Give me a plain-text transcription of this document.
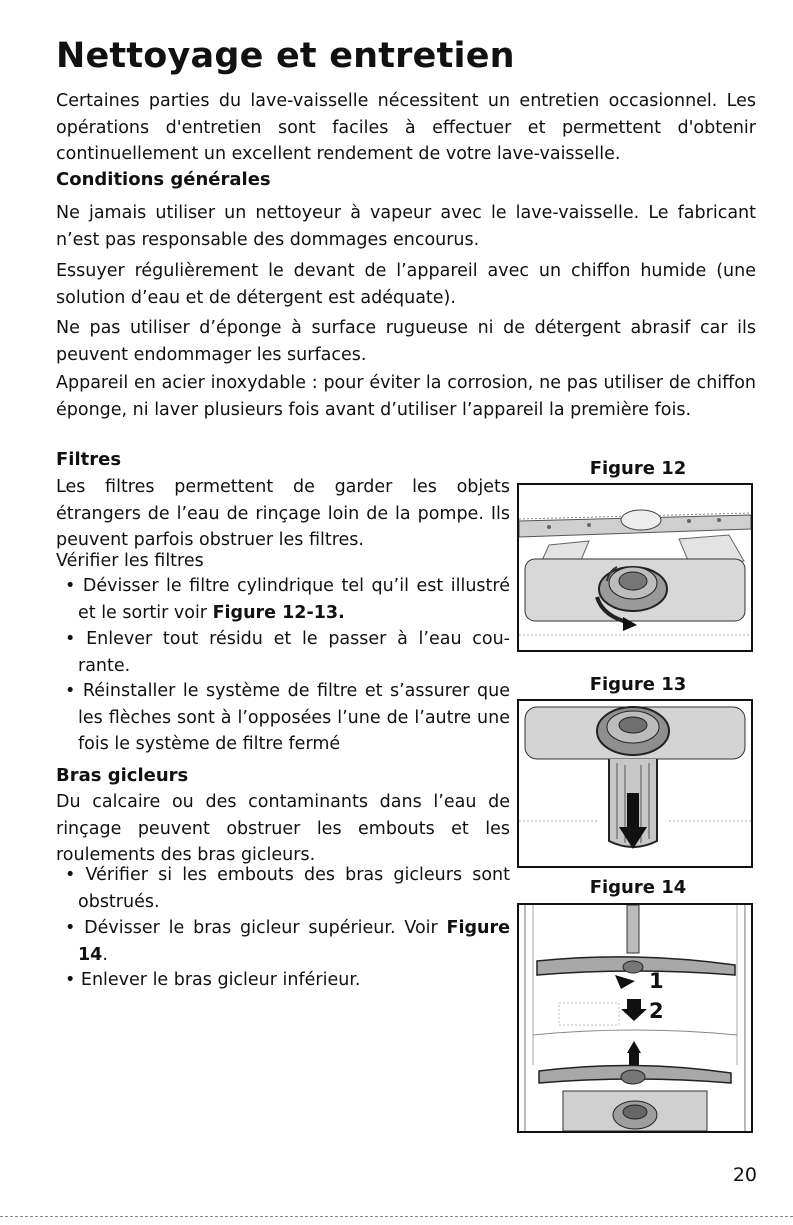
Nettoyage et entretien

Certaines parties du lave-vaisselle nécessitent un entretien occasionnel. Les opérations d'entretien sont faciles à effectuer et permettent d'obtenir continuellement un excellent rendement de votre lave-vaisselle.

Conditions générales

Ne jamais utiliser un nettoyeur à vapeur avec le lave-vaisselle. Le fabricant n’est pas responsable des dommages encourus.

Essuyer régulièrement le devant de l’appareil avec un chiffon humide (une solution d’eau et de détergent est adéquate).

Ne pas utiliser d’éponge à surface rugueuse ni de détergent abrasif car ils peuvent endommager les surfaces.

Appareil en acier inoxydable : pour éviter la corrosion, ne pas utiliser de chiffon éponge, ni laver plusieurs fois avant d’utiliser l’appareil la première fois.

Filtres

Les filtres permettent de garder les objets étrangers de l’eau de rinçage loin de la pompe. Ils peuvent parfois obstruer les filtres.

Vérifier les filtres

• Dévisser le filtre cylindrique tel qu’il est illustré et le sortir voir Figure 12-13.
• Enlever tout résidu et le passer à l’eau cou-rante.
• Réinstaller le système de filtre et s’assurer que les flèches sont à l’opposées l’une de l’autre une fois le système de filtre fermé
Bras gicleurs

Du calcaire ou des contaminants dans l’eau de rinçage peuvent obstruer les embouts et les roulements des bras gicleurs.

• Vérifier si les embouts des bras gicleurs sont obstrués.
• Dévisser le bras gicleur supérieur. Voir Figure 14.
• Enlever le bras gicleur inférieur.
Figure 12
Figure 13
Figure 14
1
2
20
